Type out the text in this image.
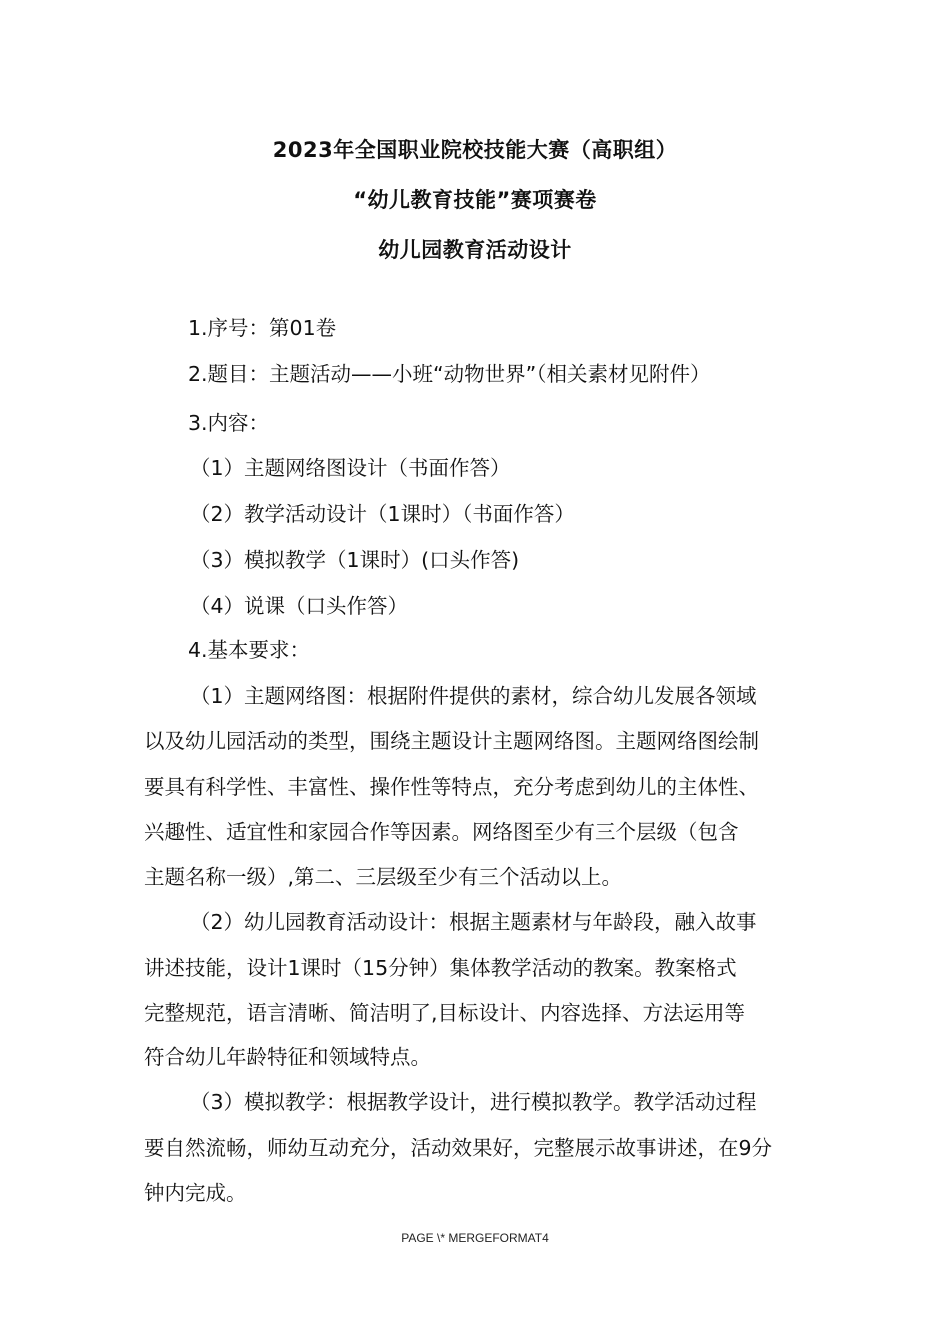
2023年全国职业院校技能大赛（高职组）
“幼儿教育技能”赛项赛卷
幼儿园教育活动设计
1.序号：第01卷
2.题目：主题活动——小班“动物世界”（相关素材见附件）
3.内容：
（1）主题网络图设计（书面作答）
（2）教学活动设计（1课时）（书面作答）
（3）模拟教学（1课时）(口头作答)
（4）说课（口头作答）
4.基本要求：
（1）主题网络图：根据附件提供的素材，综合幼儿发展各领域
以及幼儿园活动的类型，围绕主题设计主题网络图。主题网络图绘制
要具有科学性、丰富性、操作性等特点，充分考虑到幼儿的主体性、
兴趣性、适宜性和家园合作等因素。网络图至少有三个层级（包含
主题名称一级）,第二、三层级至少有三个活动以上。
（2）幼儿园教育活动设计：根据主题素材与年龄段，融入故事
讲述技能，设计1课时（15分钟）集体教学活动的教案。教案格式
完整规范，语言清晰、简洁明了,目标设计、内容选择、方法运用等
符合幼儿年龄特征和领域特点。
（3）模拟教学：根据教学设计，进行模拟教学。教学活动过程
要自然流畅，师幼互动充分，活动效果好，完整展示故事讲述，在9分
钟内完成。
PAGE \* MERGEFORMAT4
